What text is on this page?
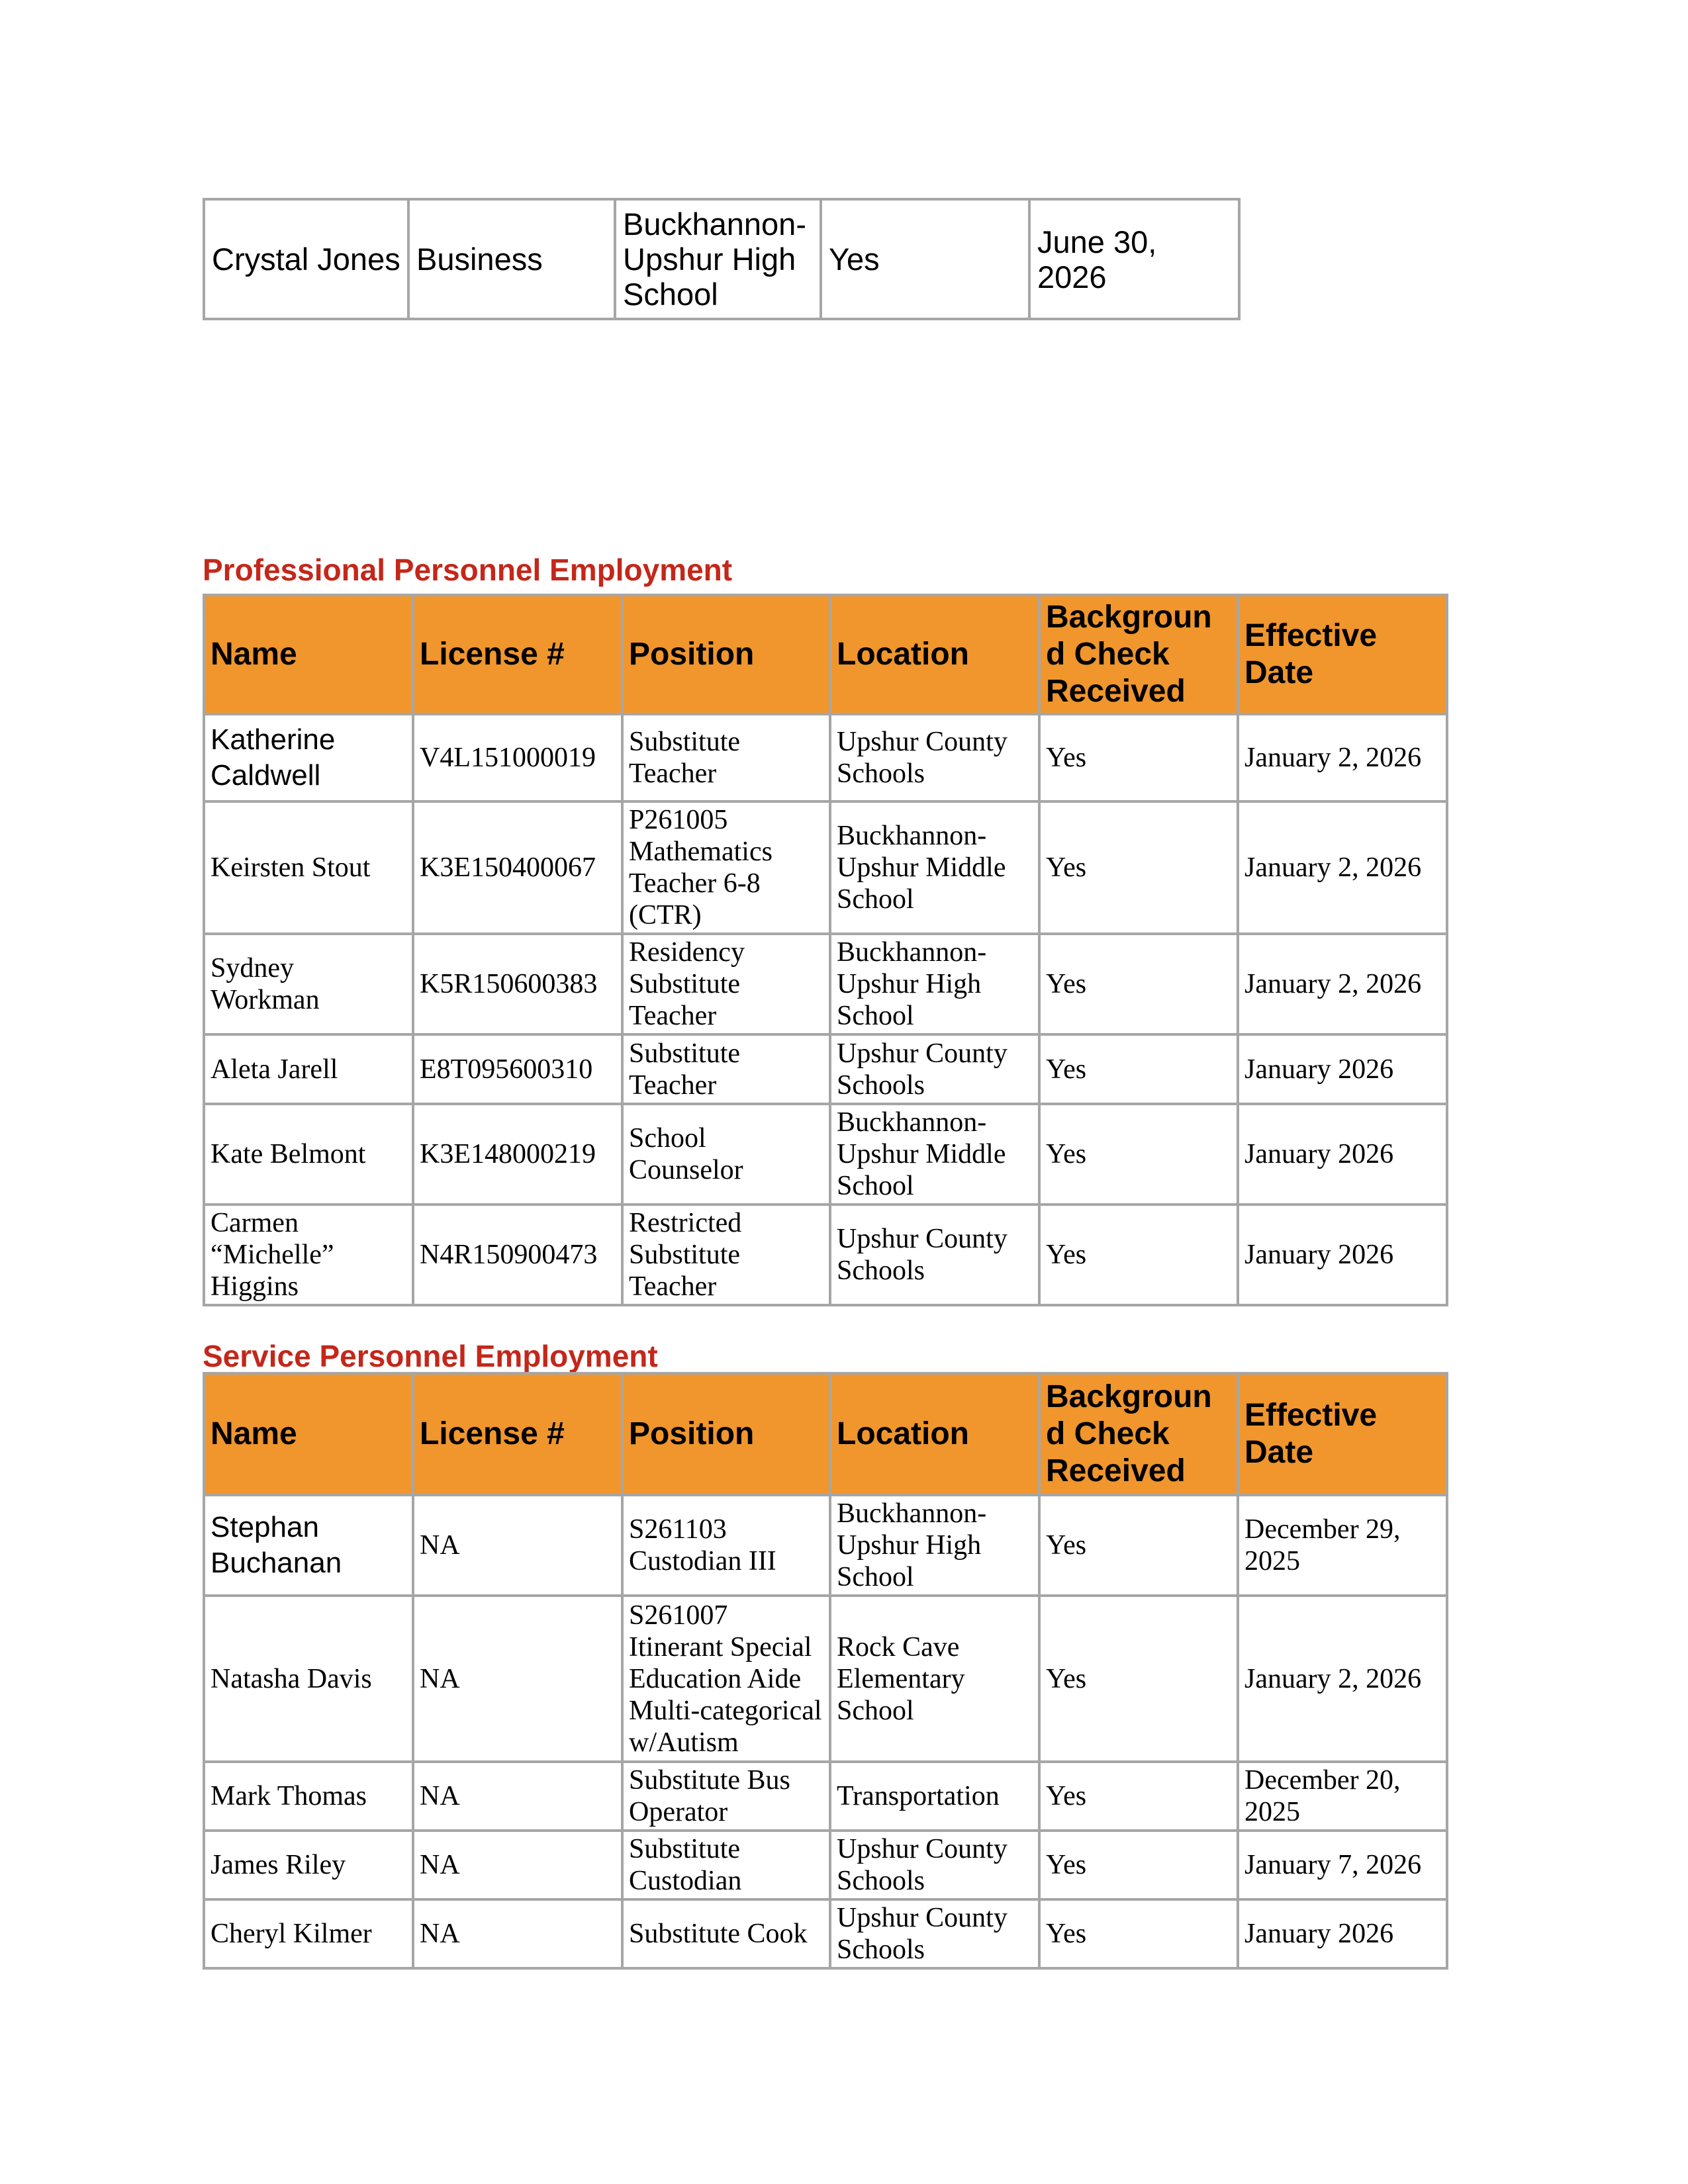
Crystal Jones	Business	Buckhannon-Upshur High School	Yes	June 30, 2026
Professional Personnel Employment
Name	License #	Position	Location	Background Check Received	Effective Date
Katherine Caldwell	V4L151000019	Substitute Teacher	Upshur County Schools	Yes	January 2, 2026
Keirsten Stout	K3E150400067	P261005 Mathematics Teacher 6-8 (CTR)	Buckhannon-Upshur Middle School	Yes	January 2, 2026
Sydney Workman	K5R150600383	Residency Substitute Teacher	Buckhannon-Upshur High School	Yes	January 2, 2026
Aleta Jarell	E8T095600310	Substitute Teacher	Upshur County Schools	Yes	January 2026
Kate Belmont	K3E148000219	School Counselor	Buckhannon-Upshur Middle School	Yes	January 2026
Carmen “Michelle” Higgins	N4R150900473	Restricted Substitute Teacher	Upshur County Schools	Yes	January 2026
Service Personnel Employment
Name	License #	Position	Location	Background Check Received	Effective Date
Stephan Buchanan	NA	S261103 Custodian III	Buckhannon-Upshur High School	Yes	December 29, 2025
Natasha Davis	NA	S261007 Itinerant Special Education Aide Multi-categorical w/Autism	Rock Cave Elementary School	Yes	January 2, 2026
Mark Thomas	NA	Substitute Bus Operator	Transportation	Yes	December 20, 2025
James Riley	NA	Substitute Custodian	Upshur County Schools	Yes	January 7, 2026
Cheryl Kilmer	NA	Substitute Cook	Upshur County Schools	Yes	January 2026
